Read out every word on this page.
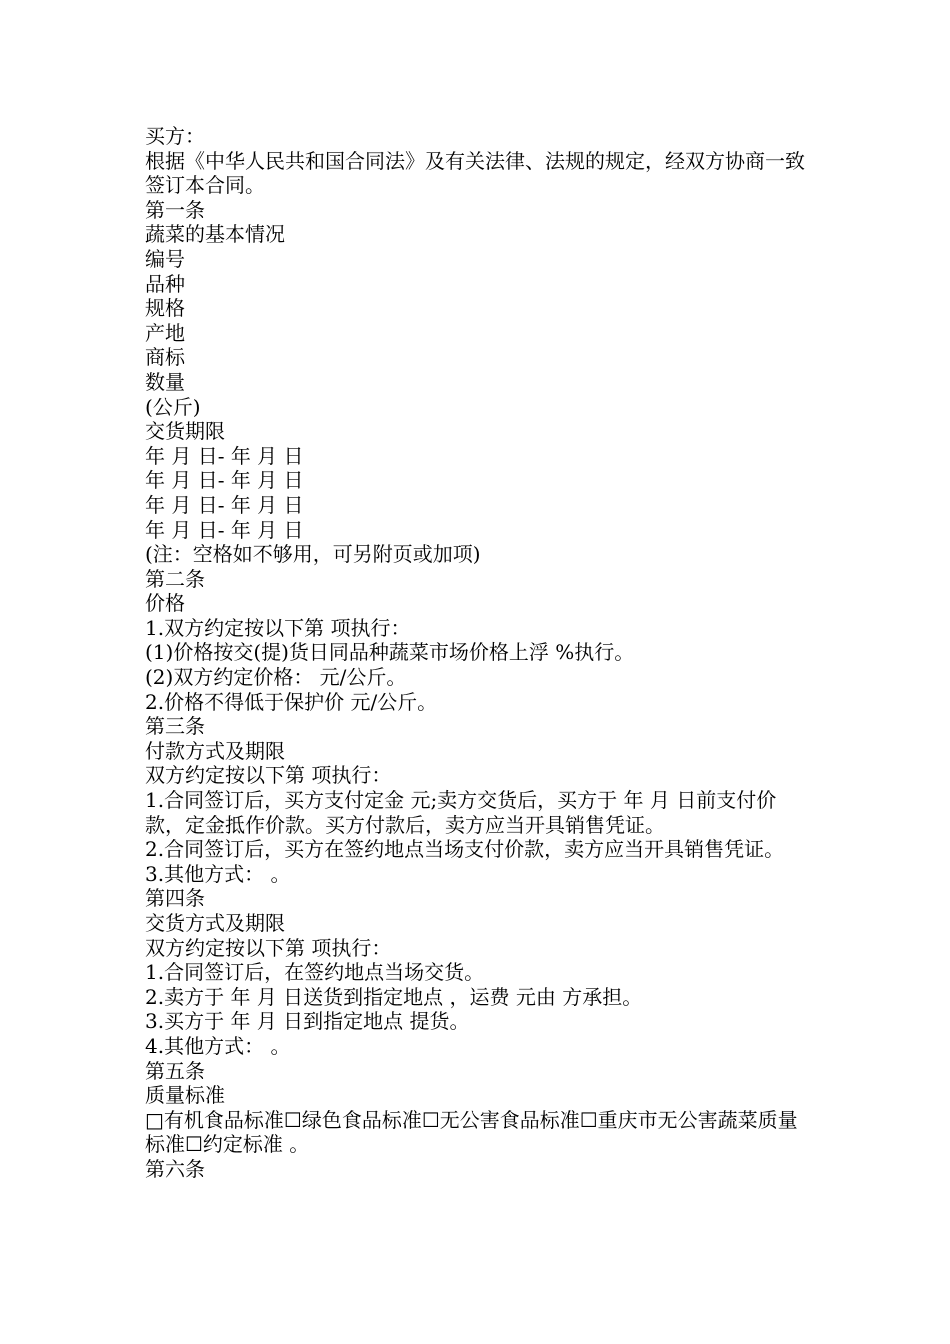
买方：

根据《中华人民共和国合同法》及有关法律、法规的规定，经双方协商一致签订本合同。

第一条

蔬菜的基本情况

编号

品种

规格

产地

商标

数量

(公斤)

交货期限

年 月 日- 年 月 日

年 月 日- 年 月 日

年 月 日- 年 月 日

年 月 日- 年 月 日

(注：空格如不够用，可另附页或加项)

第二条

价格

1.双方约定按以下第 项执行：

(1)价格按交(提)货日同品种蔬菜市场价格上浮 %执行。

(2)双方约定价格： 元/公斤。

2.价格不得低于保护价 元/公斤。

第三条

付款方式及期限

双方约定按以下第 项执行：

1.合同签订后，买方支付定金 元;卖方交货后，买方于 年 月 日前支付价款，定金抵作价款。买方付款后，卖方应当开具销售凭证。

2.合同签订后，买方在签约地点当场支付价款，卖方应当开具销售凭证。

3.其他方式： 。

第四条

交货方式及期限

双方约定按以下第 项执行：

1.合同签订后，在签约地点当场交货。

2.卖方于 年 月 日送货到指定地点 ，运费 元由 方承担。

3.买方于 年 月 日到指定地点 提货。

4.其他方式： 。

第五条

质量标准

□有机食品标准☐绿色食品标准☐无公害食品标准☐重庆市无公害蔬菜质量标准☐约定标准 。

第六条
